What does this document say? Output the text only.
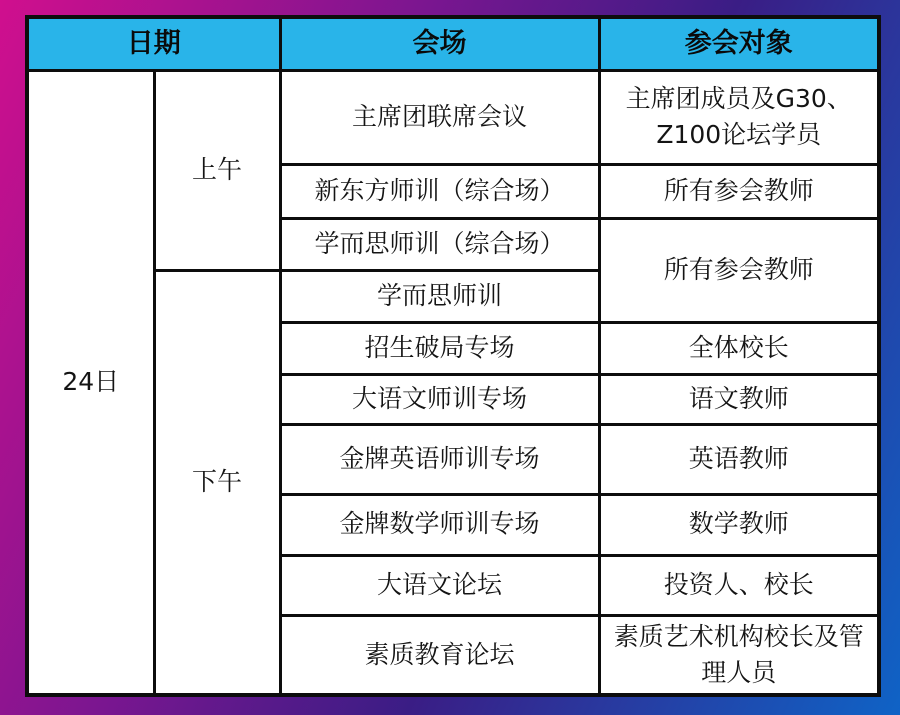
日期		会场	参会对象
24日	上午	主席团联席会议	主席团成员及G30、Z100论坛学员
		新东方师训（综合场）	所有参会教师
		学而思师训（综合场）	所有参会教师
	下午	学而思师训	
		招生破局专场	全体校长
		大语文师训专场	语文教师
		金牌英语师训专场	英语教师
		金牌数学师训专场	数学教师
		大语文论坛	投资人、校长
		素质教育论坛	素质艺术机构校长及管理人员
